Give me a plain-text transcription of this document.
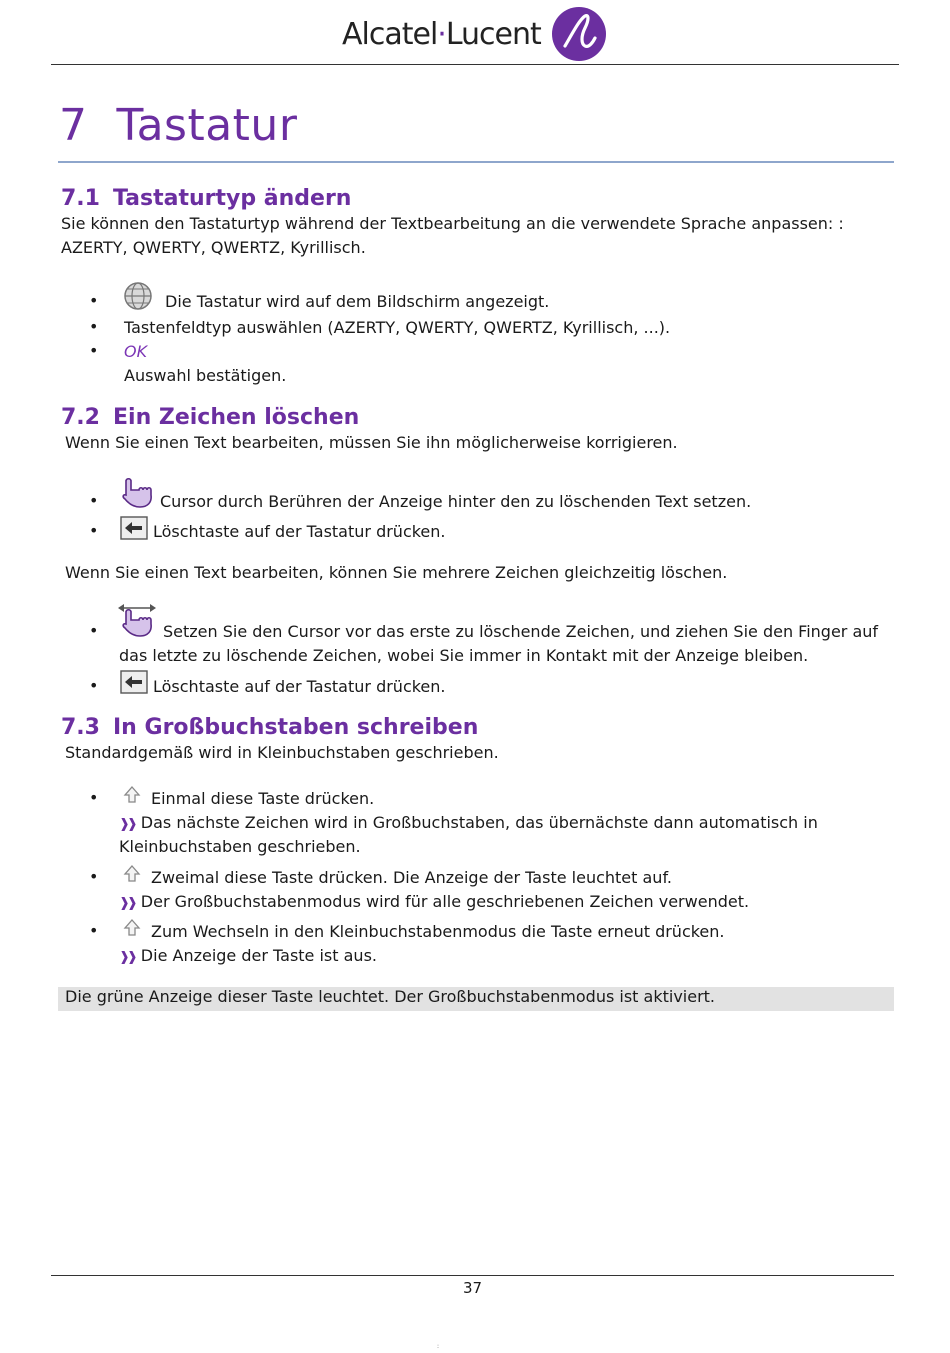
Alcatel·Lucent
7 Tastatur
7.1 Tastaturtyp ändern
Sie können den Tastaturtyp während der Textbearbeitung an die verwendete Sprache anpassen: : AZERTY, QWERTY, QWERTZ, Kyrillisch.
•	Die Tastatur wird auf dem Bildschirm angezeigt.
• Tastenfeldtyp auswählen (AZERTY, QWERTY, QWERTZ, Kyrillisch, ...).
• OK
Auswahl bestätigen.
7.2 Ein Zeichen löschen
Wenn Sie einen Text bearbeiten, müssen Sie ihn möglicherweise korrigieren.
•	Cursor durch Berühren der Anzeige hinter den zu löschenden Text setzen.
•	Löschtaste auf der Tastatur drücken.
Wenn Sie einen Text bearbeiten, können Sie mehrere Zeichen gleichzeitig löschen.
•	Setzen Sie den Cursor vor das erste zu löschende Zeichen, und ziehen Sie den Finger auf
das letzte zu löschende Zeichen, wobei Sie immer in Kontakt mit der Anzeige bleiben.
•	Löschtaste auf der Tastatur drücken.
7.3 In Großbuchstaben schreiben
Standardgemäß wird in Kleinbuchstaben geschrieben.
•	Einmal diese Taste drücken.
❱❱ Das nächste Zeichen wird in Großbuchstaben, das übernächste dann automatisch in
Kleinbuchstaben geschrieben.
•	Zweimal diese Taste drücken. Die Anzeige der Taste leuchtet auf.
❱❱ Der Großbuchstabenmodus wird für alle geschriebenen Zeichen verwendet.
•	Zum Wechseln in den Kleinbuchstabenmodus die Taste erneut drücken.
❱❱ Die Anzeige der Taste ist aus.
Die grüne Anzeige dieser Taste leuchtet. Der Großbuchstabenmodus ist aktiviert.
37
:
